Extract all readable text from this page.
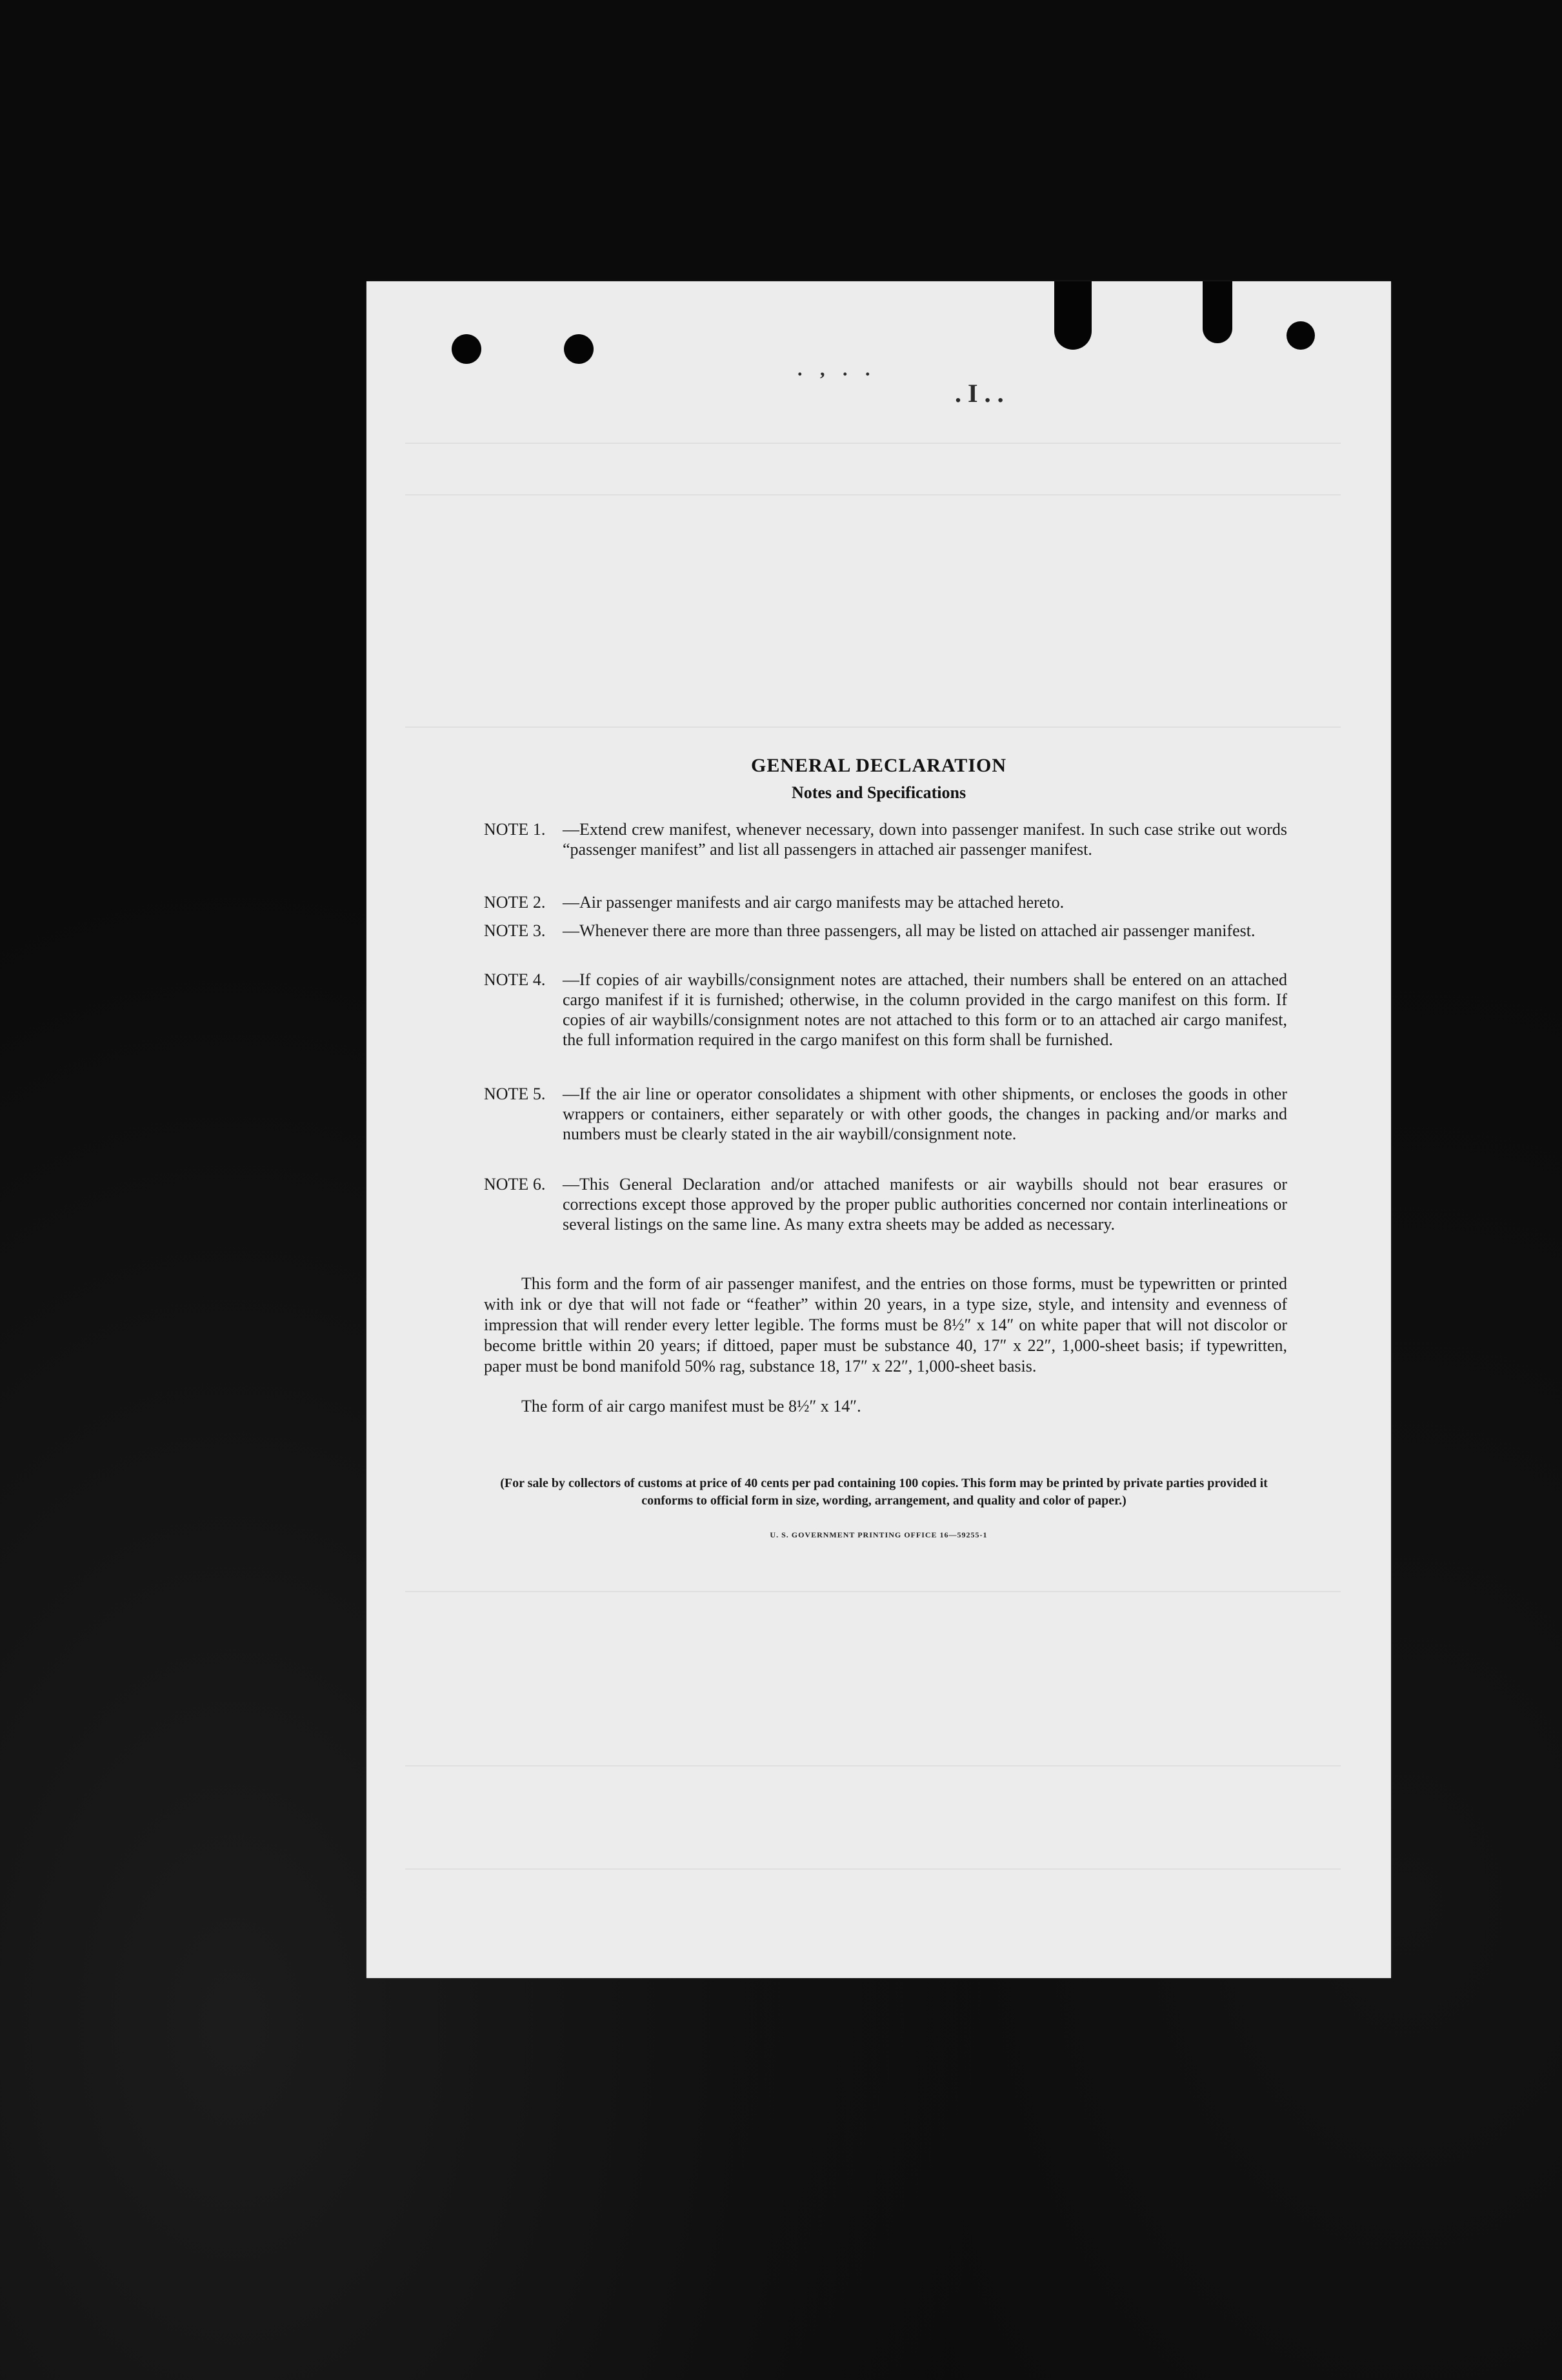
. , . .
. I . .
GENERAL DECLARATION
Notes and Specifications
NOTE 1.	—Extend crew manifest, whenever necessary, down into passenger manifest. In such case strike out words “passenger manifest” and list all passengers in attached air passenger manifest.
NOTE 2.	—Air passenger manifests and air cargo manifests may be attached hereto.
NOTE 3.	—Whenever there are more than three passengers, all may be listed on attached air passenger manifest.
NOTE 4.	—If copies of air waybills/consignment notes are attached, their numbers shall be entered on an attached cargo manifest if it is furnished; otherwise, in the column provided in the cargo manifest on this form. If copies of air waybills/consignment notes are not attached to this form or to an attached air cargo manifest, the full information required in the cargo manifest on this form shall be furnished.
NOTE 5.	—If the air line or operator consolidates a shipment with other shipments, or encloses the goods in other wrappers or containers, either separately or with other goods, the changes in packing and/or marks and numbers must be clearly stated in the air waybill/consignment note.
NOTE 6.	—This General Declaration and/or attached manifests or air waybills should not bear erasures or corrections except those approved by the proper public authorities concerned nor contain interlineations or several listings on the same line. As many extra sheets may be added as necessary.
This form and the form of air passenger manifest, and the entries on those forms, must be typewritten or printed with ink or dye that will not fade or “feather” within 20 years, in a type size, style, and intensity and evenness of impression that will render every letter legible. The forms must be 8½″ x 14″ on white paper that will not discolor or become brittle within 20 years; if dittoed, paper must be substance 40, 17″ x 22″, 1,000-sheet basis; if typewritten, paper must be bond manifold 50% rag, substance 18, 17″ x 22″, 1,000-sheet basis.
The form of air cargo manifest must be 8½″ x 14″.
(For sale by collectors of customs at price of 40 cents per pad containing 100 copies. This form may be printed by private parties provided it conforms to official form in size, wording, arrangement, and quality and color of paper.)
U. S. GOVERNMENT PRINTING OFFICE 16—59255-1
